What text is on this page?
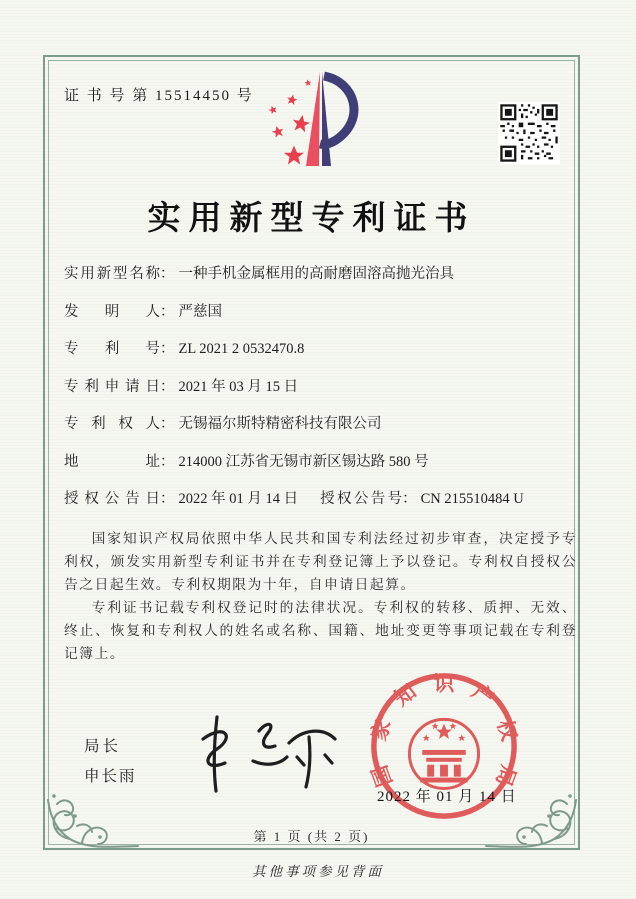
证 书 号 第 15514450 号
实用新型专利证书
实用新型名称： 一种手机金属框用的高耐磨固溶高抛光治具
发　明　人： 严慈国
专　利　号： ZL 2021 2 0532470.8
专利申请日： 2021 年 03 月 15 日
专 利 权 人： 无锡福尔斯特精密科技有限公司
地　　　址： 214000 江苏省无锡市新区锡达路 580 号
授权公告日： 2022 年 01 月 14 日 授权公告号： CN 215510484 U

国家知识产权局依照中华人民共和国专利法经过初步审查，决定授予专利权，颁发实用新型专利证书并在专利登记簿上予以登记。专利权自授权公告之日起生效。专利权期限为十年，自申请日起算。

专利证书记载专利权登记时的法律状况。专利权的转移、质押、无效、终止、恢复和专利权人的姓名或名称、国籍、地址变更等事项记载在专利登记簿上。

局长
申长雨	国
家
知 识 产
权
局
2022 年 01 月 14 日
第 1 页 (共 2 页)
其他事项参见背面
